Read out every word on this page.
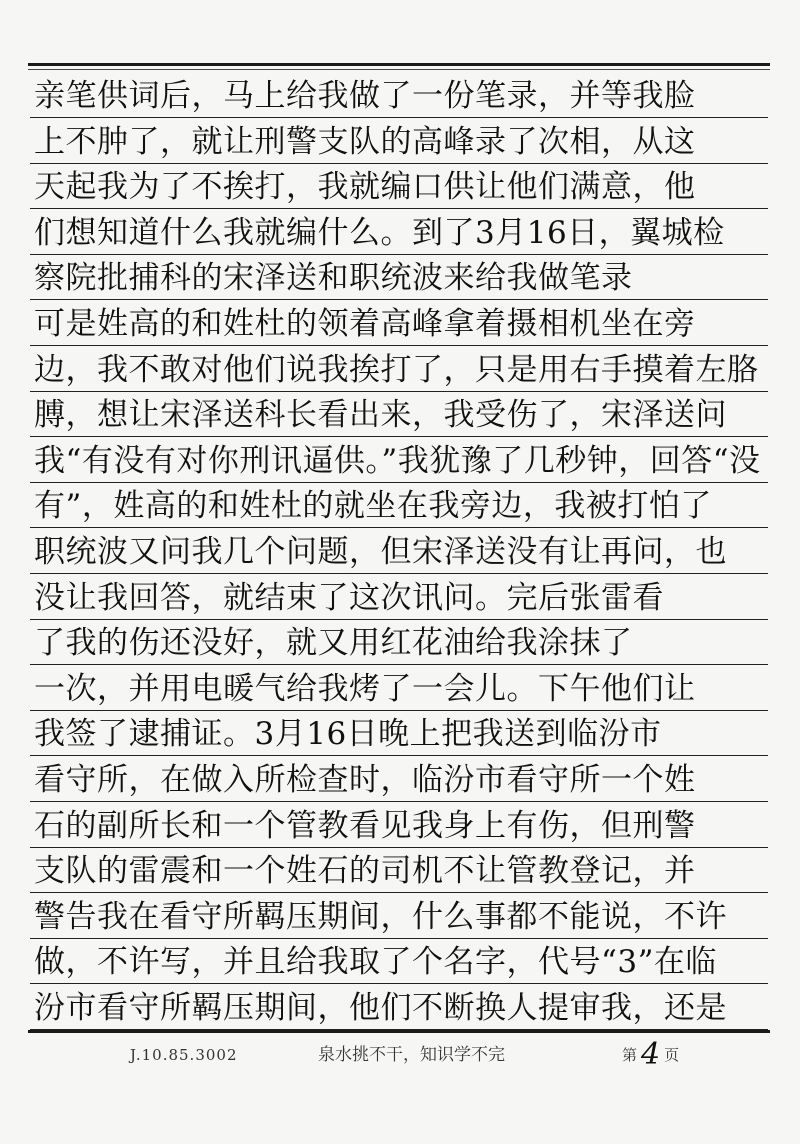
亲笔供词后，马上给我做了一份笔录，并等我脸
上不肿了，就让刑警支队的高峰录了次相，从这
天起我为了不挨打，我就编口供让他们满意，他
们想知道什么我就编什么。到了3月16日，翼城检
察院批捕科的宋泽送和职统波来给我做笔录
可是姓高的和姓杜的领着高峰拿着摄相机坐在旁
边，我不敢对他们说我挨打了，只是用右手摸着左胳
膊，想让宋泽送科长看出来，我受伤了，宋泽送问
我“有没有对你刑讯逼供。”我犹豫了几秒钟，回答“没
有”，姓高的和姓杜的就坐在我旁边，我被打怕了
职统波又问我几个问题，但宋泽送没有让再问，也
没让我回答，就结束了这次讯问。完后张雷看
了我的伤还没好，就又用红花油给我涂抹了
一次，并用电暖气给我烤了一会儿。下午他们让
我签了逮捕证。3月16日晚上把我送到临汾市
看守所，在做入所检查时，临汾市看守所一个姓
石的副所长和一个管教看见我身上有伤，但刑警
支队的雷震和一个姓石的司机不让管教登记，并
警告我在看守所羁压期间，什么事都不能说，不许
做，不许写，并且给我取了个名字，代号“3”在临
汾市看守所羁压期间，他们不断换人提审我，还是
J.10.85.3002	泉水挑不干，知识学不完	第 4 页
